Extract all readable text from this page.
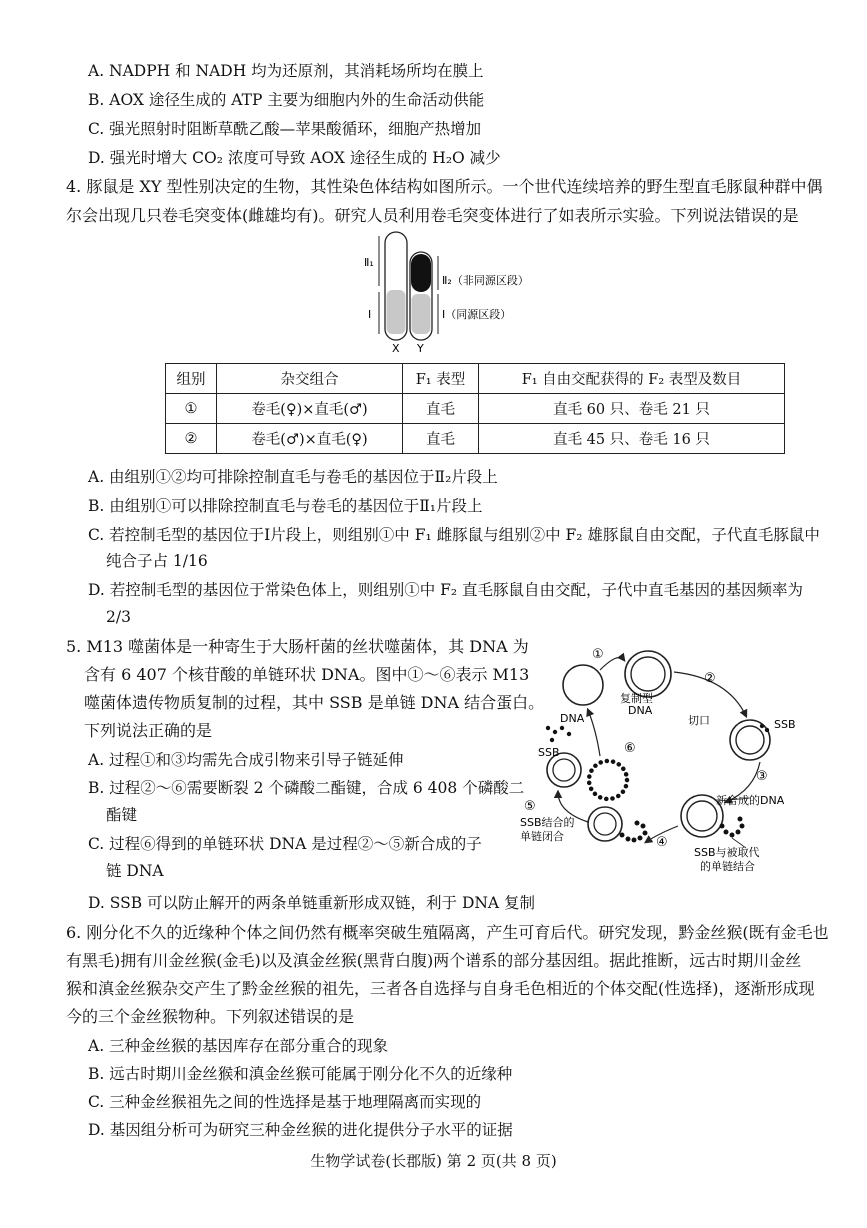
A. NADPH 和 NADH 均为还原剂，其消耗场所均在膜上
B. AOX 途径生成的 ATP 主要为细胞内外的生命活动供能
C. 强光照射时阻断草酰乙酸—苹果酸循环，细胞产热增加
D. 强光时增大 CO₂ 浓度可导致 AOX 途径生成的 H₂O 减少
4. 豚鼠是 XY 型性别决定的生物，其性染色体结构如图所示。一个世代连续培养的野生型直毛豚鼠种群中偶
尔会出现几只卷毛突变体(雌雄均有)。研究人员利用卷毛突变体进行了如表所示实验。下列说法错误的是
Ⅱ₁
Ⅰ
Ⅱ₂（非同源区段）
Ⅰ（同源区段）
X Y
组别	杂交组合	F₁ 表型	F₁ 自由交配获得的 F₂ 表型及数目
①	卷毛(♀)×直毛(♂)	直毛	直毛 60 只、卷毛 21 只
②	卷毛(♂)×直毛(♀)	直毛	直毛 45 只、卷毛 16 只
A. 由组别①②均可排除控制直毛与卷毛的基因位于Ⅱ₂片段上
B. 由组别①可以排除控制直毛与卷毛的基因位于Ⅱ₁片段上
C. 若控制毛型的基因位于Ⅰ片段上，则组别①中 F₁ 雌豚鼠与组别②中 F₂ 雄豚鼠自由交配，子代直毛豚鼠中
纯合子占 1/16
D. 若控制毛型的基因位于常染色体上，则组别①中 F₂ 直毛豚鼠自由交配，子代中直毛基因的基因频率为
2/3
5. M13 噬菌体是一种寄生于大肠杆菌的丝状噬菌体，其 DNA 为
含有 6 407 个核苷酸的单链环状 DNA。图中①～⑥表示 M13
噬菌体遗传物质复制的过程，其中 SSB 是单链 DNA 结合蛋白。
下列说法正确的是
A. 过程①和③均需先合成引物来引导子链延伸
B. 过程②～⑥需要断裂 2 个磷酸二酯键，合成 6 408 个磷酸二
酯键
C. 过程⑥得到的单链环状 DNA 是过程②～⑤新合成的子
链 DNA
D. SSB 可以防止解开的两条单链重新形成双链，利于 DNA 复制
①
②
③
④
⑤
⑥
复制型
DNA
切口	SSB
新合成的DNA
SSB与被取代
的单链结合
SSB结合的
单链闭合
DNA
SSB
6. 刚分化不久的近缘种个体之间仍然有概率突破生殖隔离，产生可育后代。研究发现，黔金丝猴(既有金毛也
有黑毛)拥有川金丝猴(金毛)以及滇金丝猴(黑背白腹)两个谱系的部分基因组。据此推断，远古时期川金丝
猴和滇金丝猴杂交产生了黔金丝猴的祖先，三者各自选择与自身毛色相近的个体交配(性选择)，逐渐形成现
今的三个金丝猴物种。下列叙述错误的是
A. 三种金丝猴的基因库存在部分重合的现象
B. 远古时期川金丝猴和滇金丝猴可能属于刚分化不久的近缘种
C. 三种金丝猴祖先之间的性选择是基于地理隔离而实现的
D. 基因组分析可为研究三种金丝猴的进化提供分子水平的证据
生物学试卷(长郡版) 第 2 页(共 8 页)
